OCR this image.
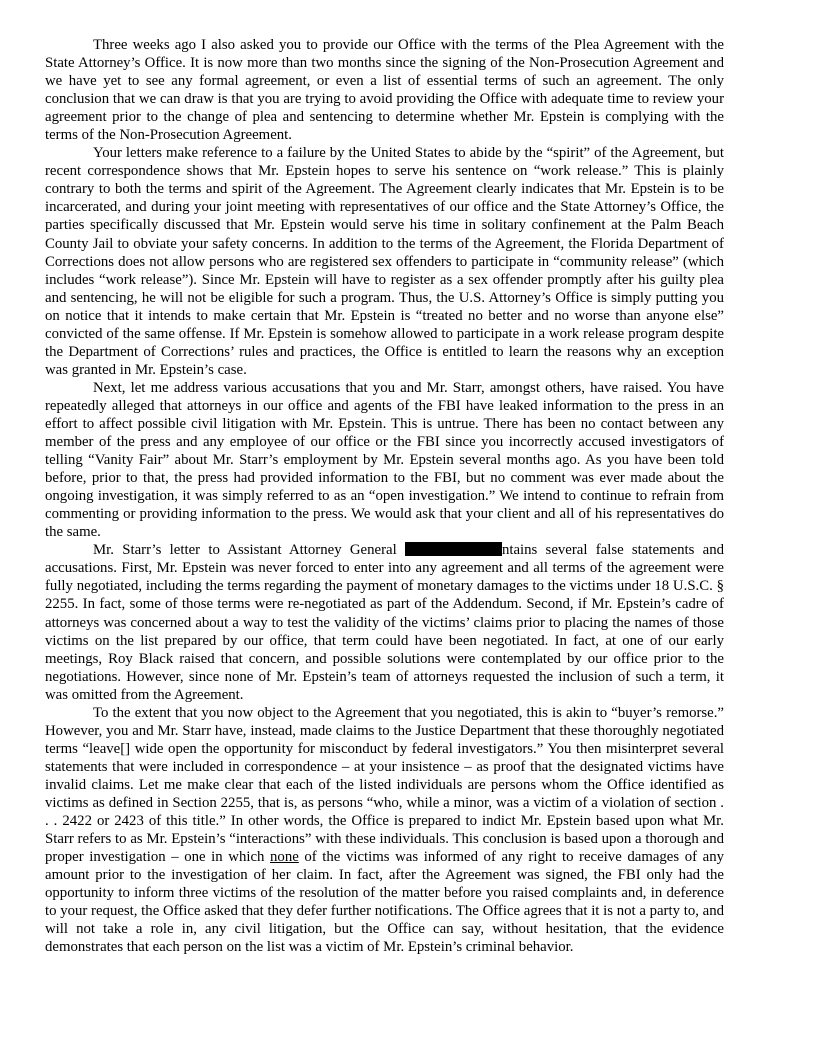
Three weeks ago I also asked you to provide our Office with the terms of the Plea Agreement with the State Attorney’s Office. It is now more than two months since the signing of the Non-Prosecution Agreement and we have yet to see any formal agreement, or even a list of essential terms of such an agreement. The only conclusion that we can draw is that you are trying to avoid providing the Office with adequate time to review your agreement prior to the change of plea and sentencing to determine whether Mr. Epstein is complying with the terms of the Non-Prosecution Agreement.

Your letters make reference to a failure by the United States to abide by the “spirit” of the Agreement, but recent correspondence shows that Mr. Epstein hopes to serve his sentence on “work release.” This is plainly contrary to both the terms and spirit of the Agreement. The Agreement clearly indicates that Mr. Epstein is to be incarcerated, and during your joint meeting with representatives of our office and the State Attorney’s Office, the parties specifically discussed that Mr. Epstein would serve his time in solitary confinement at the Palm Beach County Jail to obviate your safety concerns. In addition to the terms of the Agreement, the Florida Department of Corrections does not allow persons who are registered sex offenders to participate in “community release” (which includes “work release”). Since Mr. Epstein will have to register as a sex offender promptly after his guilty plea and sentencing, he will not be eligible for such a program. Thus, the U.S. Attorney’s Office is simply putting you on notice that it intends to make certain that Mr. Epstein is “treated no better and no worse than anyone else” convicted of the same offense. If Mr. Epstein is somehow allowed to participate in a work release program despite the Department of Corrections’ rules and practices, the Office is entitled to learn the reasons why an exception was granted in Mr. Epstein’s case.

Next, let me address various accusations that you and Mr. Starr, amongst others, have raised. You have repeatedly alleged that attorneys in our office and agents of the FBI have leaked information to the press in an effort to affect possible civil litigation with Mr. Epstein. This is untrue. There has been no contact between any member of the press and any employee of our office or the FBI since you incorrectly accused investigators of telling “Vanity Fair” about Mr. Starr’s employment by Mr. Epstein several months ago. As you have been told before, prior to that, the press had provided information to the FBI, but no comment was ever made about the ongoing investigation, it was simply referred to as an “open investigation.” We intend to continue to refrain from commenting or providing information to the press. We would ask that your client and all of his representatives do the same.

Mr. Starr’s letter to Assistant Attorney General	ntains several false statements and accusations. First, Mr. Epstein was never forced to enter into any agreement and all terms of the agreement were fully negotiated, including the terms regarding the payment of monetary damages to the victims under 18 U.S.C. § 2255. In fact, some of those terms were re-negotiated as part of the Addendum. Second, if Mr. Epstein’s cadre of attorneys was concerned about a way to test the validity of the victims’ claims prior to placing the names of those victims on the list prepared by our office, that term could have been negotiated. In fact, at one of our early meetings, Roy Black raised that concern, and possible solutions were contemplated by our office prior to the negotiations. However, since none of Mr. Epstein’s team of attorneys requested the inclusion of such a term, it was omitted from the Agreement.

To the extent that you now object to the Agreement that you negotiated, this is akin to “buyer’s remorse.” However, you and Mr. Starr have, instead, made claims to the Justice Department that these thoroughly negotiated terms “leave[] wide open the opportunity for misconduct by federal investigators.” You then misinterpret several statements that were included in correspondence – at your insistence – as proof that the designated victims have invalid claims. Let me make clear that each of the listed individuals are persons whom the Office identified as victims as defined in Section 2255, that is, as persons “who, while a minor, was a victim of a violation of section . . . 2422 or 2423 of this title.” In other words, the Office is prepared to indict Mr. Epstein based upon what Mr. Starr refers to as Mr. Epstein’s “interactions” with these individuals. This conclusion is based upon a thorough and proper investigation – one in which none of the victims was informed of any right to receive damages of any amount prior to the investigation of her claim. In fact, after the Agreement was signed, the FBI only had the opportunity to inform three victims of the resolution of the matter before you raised complaints and, in deference to your request, the Office asked that they defer further notifications. The Office agrees that it is not a party to, and will not take a role in, any civil litigation, but the Office can say, without hesitation, that the evidence demonstrates that each person on the list was a victim of Mr. Epstein’s criminal behavior.
